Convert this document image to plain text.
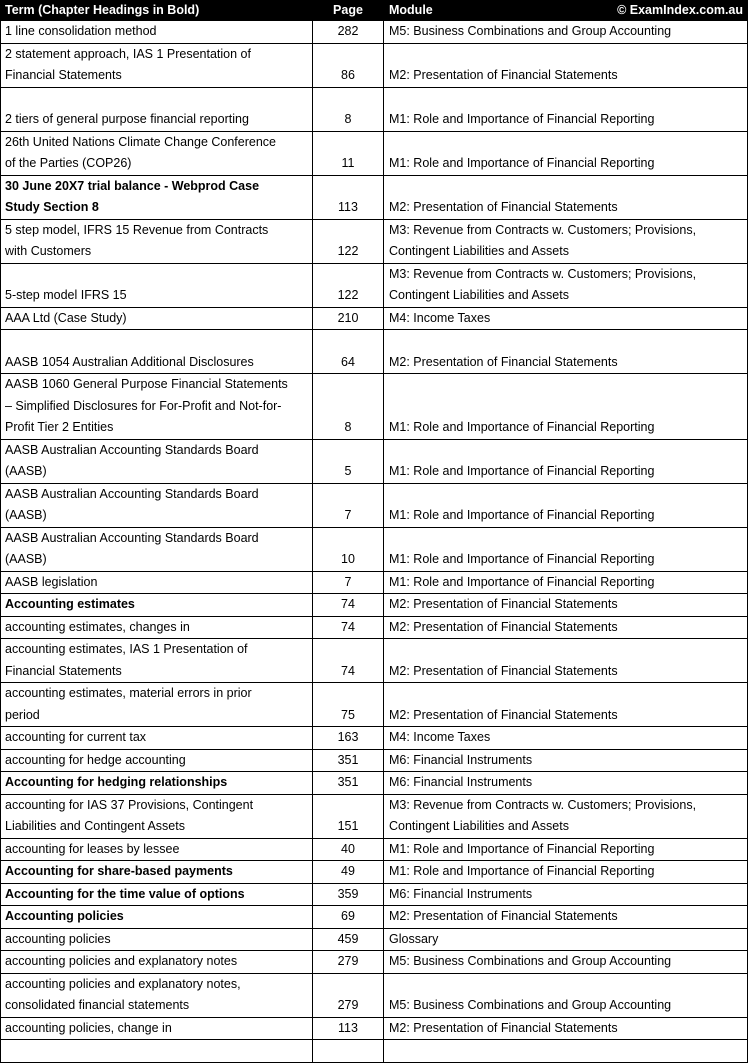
Term (Chapter Headings in Bold)	Page	Module © ExamIndex.com.au

1 line consolidation method	282	M5: Business Combinations and Group Accounting

2 statement approach, IAS 1 Presentation of
Financial Statements	86	M2: Presentation of Financial Statements

2 tiers of general purpose financial reporting	8	M1: Role and Importance of Financial Reporting

26th United Nations Climate Change Conference
of the Parties (COP26)	11	M1: Role and Importance of Financial Reporting

30 June 20X7 trial balance - Webprod Case
Study Section 8	113	M2: Presentation of Financial Statements

5 step model, IFRS 15 Revenue from Contracts
with Customers	122	M3: Revenue from Contracts w. Customers; Provisions,
Contingent Liabilities and Assets

5-step model IFRS 15	122	M3: Revenue from Contracts w. Customers; Provisions,
Contingent Liabilities and Assets

AAA Ltd (Case Study)	210	M4: Income Taxes

AASB 1054 Australian Additional Disclosures	64	M2: Presentation of Financial Statements

AASB 1060 General Purpose Financial Statements
– Simplified Disclosures for For-Profit and Not-for-
Profit Tier 2 Entities	8	M1: Role and Importance of Financial Reporting

AASB Australian Accounting Standards Board
(AASB)	5	M1: Role and Importance of Financial Reporting

AASB Australian Accounting Standards Board
(AASB)	7	M1: Role and Importance of Financial Reporting

AASB Australian Accounting Standards Board
(AASB)	10	M1: Role and Importance of Financial Reporting

AASB legislation	7	M1: Role and Importance of Financial Reporting

Accounting estimates	74	M2: Presentation of Financial Statements

accounting estimates, changes in	74	M2: Presentation of Financial Statements

accounting estimates, IAS 1 Presentation of
Financial Statements	74	M2: Presentation of Financial Statements

accounting estimates, material errors in prior
period	75	M2: Presentation of Financial Statements

accounting for current tax	163	M4: Income Taxes

accounting for hedge accounting	351	M6: Financial Instruments

Accounting for hedging relationships	351	M6: Financial Instruments

accounting for IAS 37 Provisions, Contingent
Liabilities and Contingent Assets	151	M3: Revenue from Contracts w. Customers; Provisions,
Contingent Liabilities and Assets

accounting for leases by lessee	40	M1: Role and Importance of Financial Reporting

Accounting for share-based payments	49	M1: Role and Importance of Financial Reporting

Accounting for the time value of options	359	M6: Financial Instruments

Accounting policies	69	M2: Presentation of Financial Statements

accounting policies	459	Glossary

accounting policies and explanatory notes	279	M5: Business Combinations and Group Accounting

accounting policies and explanatory notes,
consolidated financial statements	279	M5: Business Combinations and Group Accounting

accounting policies, change in	113	M2: Presentation of Financial Statements
